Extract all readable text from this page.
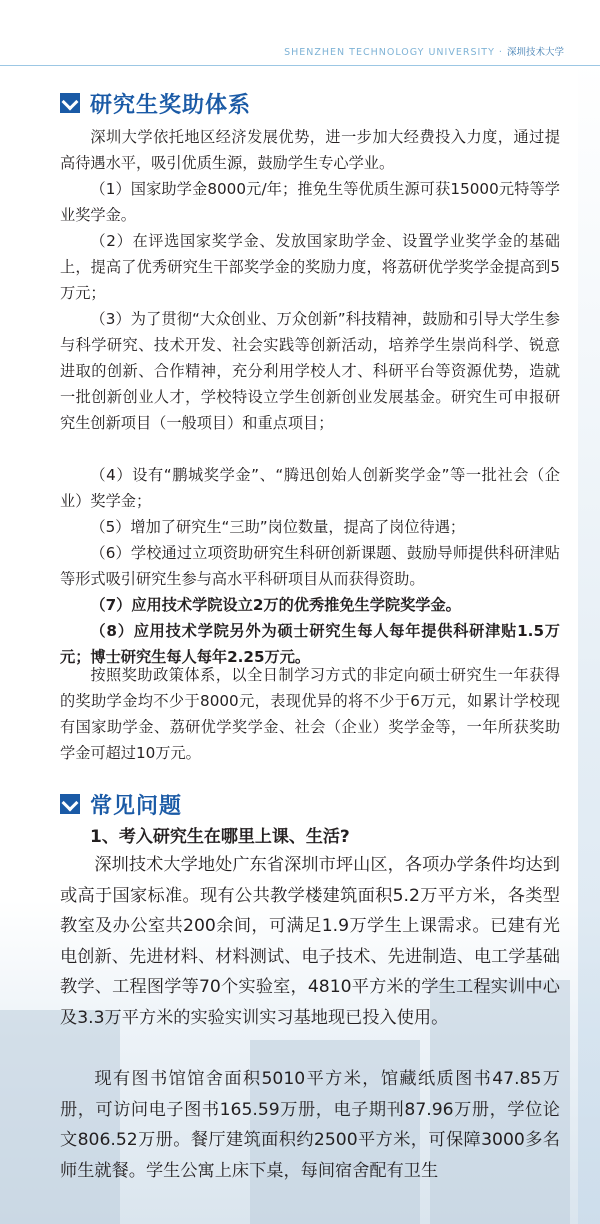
SHENZHEN TECHNOLOGY UNIVERSITY · 深圳技术大学
研究生奖助体系

深圳大学依托地区经济发展优势，进一步加大经费投入力度，通过提高待遇水平，吸引优质生源，鼓励学生专心学业。

（1）国家助学金8000元/年；推免生等优质生源可获15000元特等学业奖学金。

（2）在评选国家奖学金、发放国家助学金、设置学业奖学金的基础上，提高了优秀研究生干部奖学金的奖励力度，将荔研优学奖学金提高到5万元；

（3）为了贯彻“大众创业、万众创新”科技精神，鼓励和引导大学生参与科学研究、技术开发、社会实践等创新活动，培养学生崇尚科学、锐意进取的创新、合作精神，充分利用学校人才、科研平台等资源优势，造就一批创新创业人才，学校特设立学生创新创业发展基金。研究生可申报研究生创新项目（一般项目）和重点项目；

（4）设有“鹏城奖学金”、“腾迅创始人创新奖学金”等一批社会（企业）奖学金；

（5）增加了研究生“三助”岗位数量，提高了岗位待遇；

（6）学校通过立项资助研究生科研创新课题、鼓励导师提供科研津贴等形式吸引研究生参与高水平科研项目从而获得资助。

（7）应用技术学院设立2万的优秀推免生学院奖学金。

（8）应用技术学院另外为硕士研究生每人每年提供科研津贴1.5万元；博士研究生每人每年2.25万元。

按照奖助政策体系，以全日制学习方式的非定向硕士研究生一年获得的奖助学金均不少于8000元，表现优异的将不少于6万元，如累计学校现有国家助学金、荔研优学奖学金、社会（企业）奖学金等，一年所获奖助学金可超过10万元。

常见问题
1、考入研究生在哪里上课、生活?

深圳技术大学地处广东省深圳市坪山区，各项办学条件均达到或高于国家标准。现有公共教学楼建筑面积5.2万平方米，各类型教室及办公室共200余间，可满足1.9万学生上课需求。已建有光电创新、先进材料、材料测试、电子技术、先进制造、电工学基础教学、工程图学等70个实验室，4810平方米的学生工程实训中心及3.3万平方米的实验实训实习基地现已投入使用。

现有图书馆馆舍面积5010平方米，馆藏纸质图书47.85万册，可访问电子图书165.59万册，电子期刊87.96万册，学位论文806.52万册。餐厅建筑面积约2500平方米，可保障3000多名师生就餐。学生公寓上床下桌，每间宿舍配有卫生
